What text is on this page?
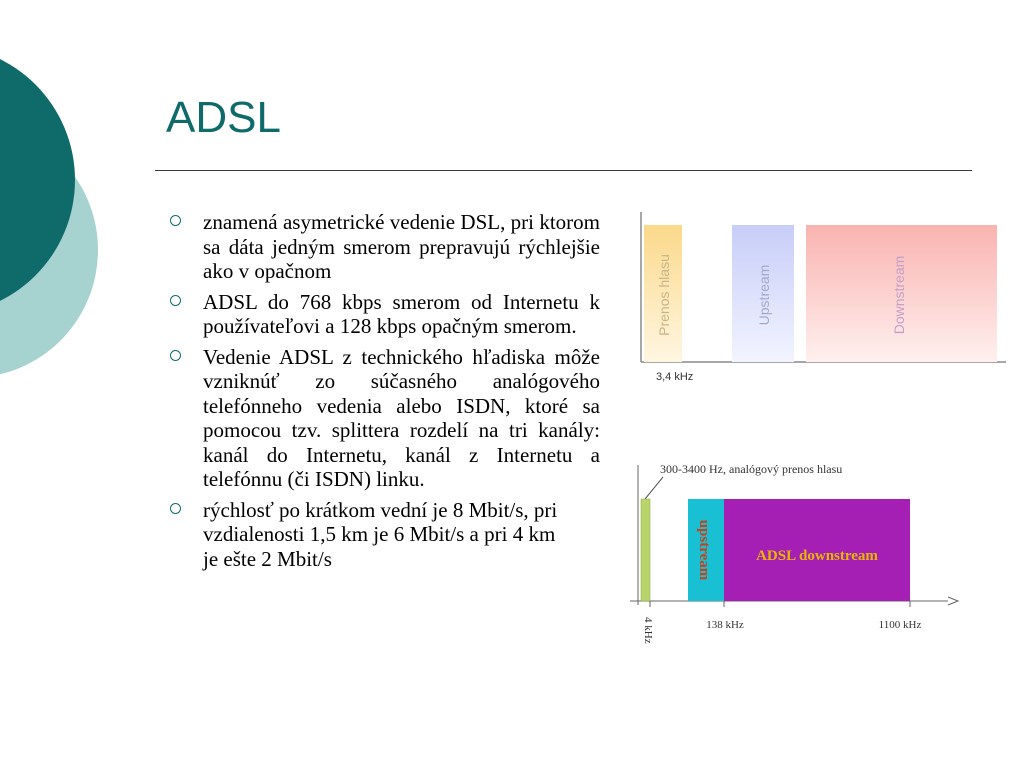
ADSL
znamená asymetrické vedenie DSL, pri ktorom sa dáta jedným smerom prepravujú rýchlejšie ako v opačnom
ADSL do 768 kbps smerom od Internetu k používateľovi a 128 kbps opačným smerom.
Vedenie ADSL z technického hľadiska môže vzniknúť zo súčasného analógového telefónneho vedenia alebo ISDN, ktoré sa pomocou tzv. splittera rozdelí na tri kanály: kanál do Internetu, kanál z Internetu a telefónnu (či ISDN) linku.
rýchlosť po krátkom vední je 8 Mbit/s, pri vzdialenosti 1,5 km je 6 Mbit/s a pri 4 km je ešte 2 Mbit/s
Prenos hlasu	Upstream	Downstream
3,4 kHz
300-3400 Hz, analógový prenos hlasu
upstream	ADSL downstream
4 kHz	138 kHz	1100 kHz
